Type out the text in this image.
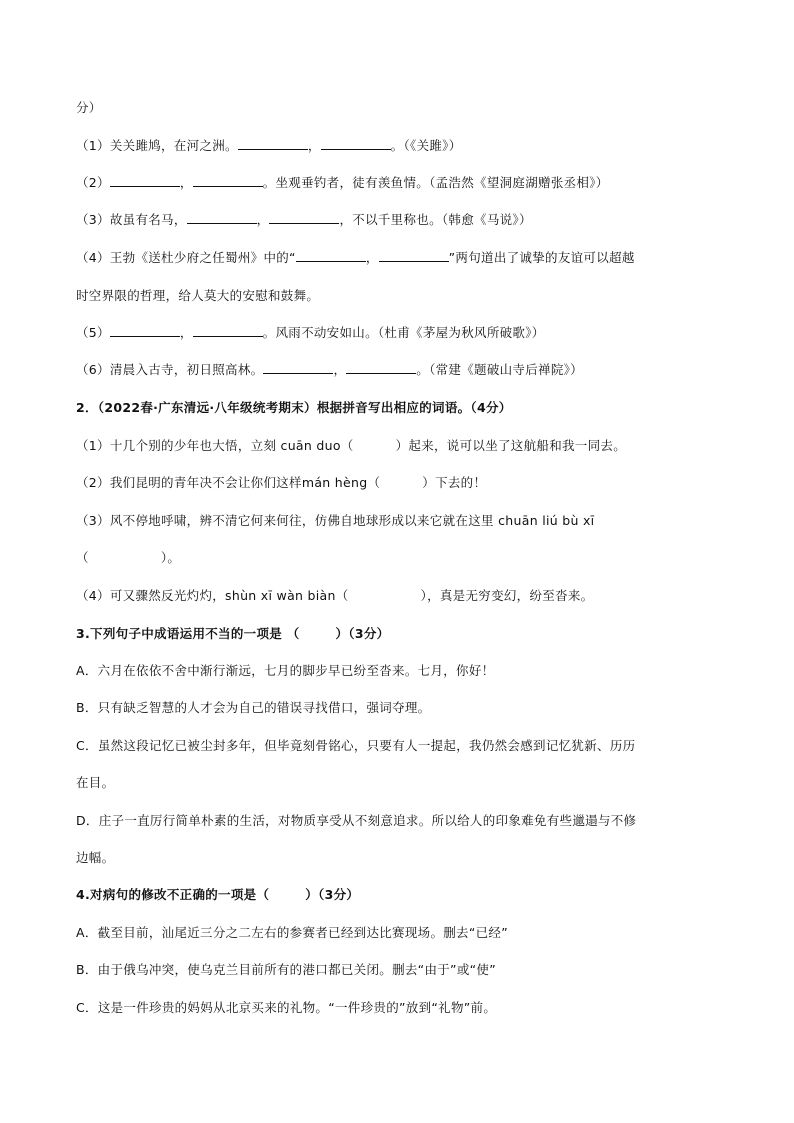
分）
（1）关关雎鸠，在河之洲。	，	。（《关雎》）
（2）	，	。坐观垂钓者，徒有羡鱼情。（孟浩然《望洞庭湖赠张丞相》）
（3）故虽有名马，	，	，不以千里称也。（韩愈《马说》）
（4）王勃《送杜少府之任蜀州》中的“	，	”两句道出了诚挚的友谊可以超越
时空界限的哲理，给人莫大的安慰和鼓舞。
（5）	，	。风雨不动安如山。（杜甫《茅屋为秋风所破歌》）
（6）清晨入古寺，初日照高林。	，	。（常建《题破山寺后禅院》）
2．（2022春·广东清远·八年级统考期末）根据拼音写出相应的词语。（4分）
（1）十几个别的少年也大悟，立刻 cuān duo（	）起来，说可以坐了这航船和我一同去。
（2）我们昆明的青年决不会让你们这样mán hèng（	）下去的！
（3）风不停地呼啸，辨不清它何来何往，仿佛自地球形成以来它就在这里 chuān liú bù xī
（	）。
（4）可又骤然反光灼灼，shùn xī wàn biàn（	），真是无穷变幻，纷至沓来。
3.下列句子中成语运用不当的一项是 （	）（3分）
A．六月在依依不舍中渐行渐远，七月的脚步早已纷至沓来。七月，你好！
B．只有缺乏智慧的人才会为自己的错误寻找借口，强词夺理。
C．虽然这段记忆已被尘封多年，但毕竟刻骨铭心，只要有人一提起，我仍然会感到记忆犹新、历历
在目。
D．庄子一直厉行简单朴素的生活，对物质享受从不刻意追求。所以给人的印象难免有些邋遢与不修
边幅。
4.对病句的修改不正确的一项是（	）（3分）
A．截至目前，汕尾近三分之二左右的参赛者已经到达比赛现场。删去“已经”
B．由于俄乌冲突，使乌克兰目前所有的港口都已关闭。删去“由于”或“使”
C．这是一件珍贵的妈妈从北京买来的礼物。“一件珍贵的”放到“礼物”前。
